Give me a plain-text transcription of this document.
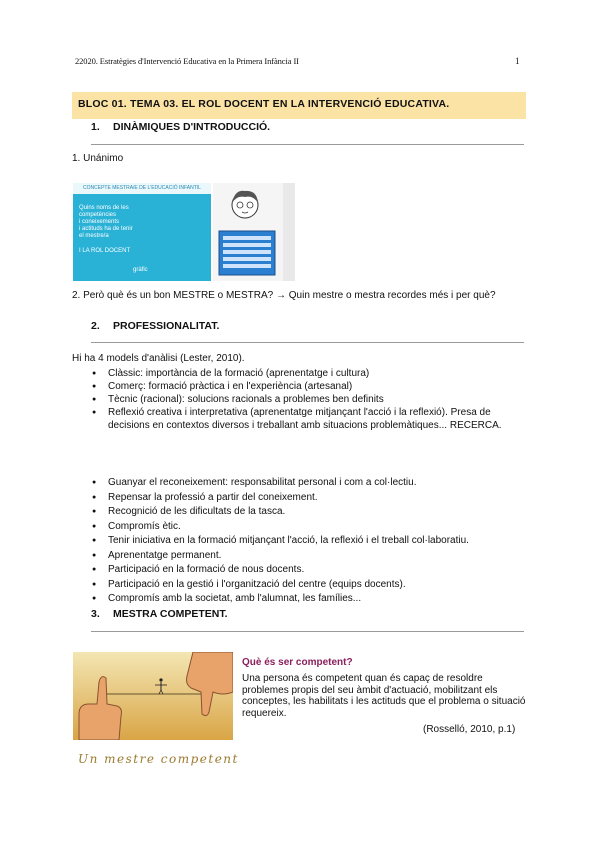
22020. Estratègies d'Intervenció Educativa en la Primera Infància II	1
BLOC 01. TEMA 03. EL ROL DOCENT EN LA INTERVENCIÓ EDUCATIVA.
1. DINÀMIQUES D'INTRODUCCIÓ.
1. Unánimo
CONCEPTE MESTRA/E DE L'EDUCACIÓ INFANTIL
Quins noms de les
competències
i coneixements
i actituds ha de tenir
el mestre/a
I LA ROL DOCENT
gràfic
2. Però què és un bon MESTRE o MESTRA? → Quin mestre o mestra recordes més i per què?
2. PROFESSIONALITAT.
Hi ha 4 models d'anàlisi (Lester, 2010).
● Clàssic: importància de la formació (aprenentatge i cultura)
● Comerç: formació pràctica i en l'experiència (artesanal)
● Tècnic (racional): solucions racionals a problemes ben definits
● Reflexió creativa i interpretativa (aprenentatge mitjançant l'acció i la reflexió). Presa de decisions en contextos diversos i treballant amb situacions problemàtiques... RECERCA.
● Guanyar el reconeixement: responsabilitat personal i com a col·lectiu.
● Repensar la professió a partir del coneixement.
● Recognició de les dificultats de la tasca.
● Compromís ètic.
● Tenir iniciativa en la formació mitjançant l'acció, la reflexió i el treball col·laboratiu.
● Aprenentatge permanent.
● Participació en la formació de nous docents.
● Participació en la gestió i l'organització del centre (equips docents).
● Compromís amb la societat, amb l'alumnat, les famílies...
3. MESTRA COMPETENT.
Què és ser competent?
Una persona és competent quan és capaç de resoldre problemes propis del seu àmbit d'actuació, mobilitzant els conceptes, les habilitats i les actituds que el problema o situació requereix.
(Rosselló, 2010, p.1)
Un mestre competent
